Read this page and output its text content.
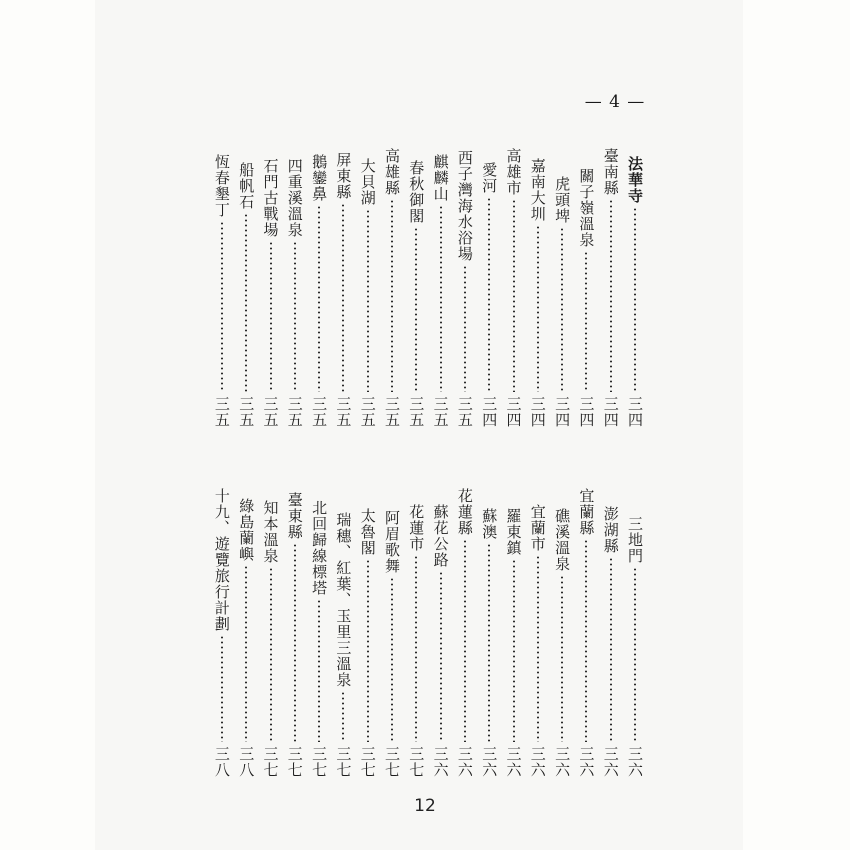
— 4 —
法華寺
三四
臺南縣
三四
關子嶺溫泉
三四
虎頭埤
三四
嘉南大圳
三四
高雄市
三四
愛河
三四
西子灣海水浴場
三五
麒麟山
三五
春秋御閣
三五
高雄縣
三五
大貝湖
三五
屏東縣
三五
鵝鑾鼻
三五
四重溪溫泉
三五
石門古戰場
三五
船帆石
三五
恆春墾丁
三五
三地門
三六
澎湖縣
三六
宜蘭縣
三六
礁溪溫泉
三六
宜蘭市
三六
羅東鎮
三六
蘇澳
三六
花蓮縣
三六
蘇花公路
三六
花蓮市
三七
阿眉歌舞
三七
太魯閣
三七
瑞穗、紅葉、玉里三溫泉
三七
北回歸線標塔
三七
臺東縣
三七
知本溫泉
三七
綠島蘭嶼
三八
十九、遊覽旅行計劃
三八
12
